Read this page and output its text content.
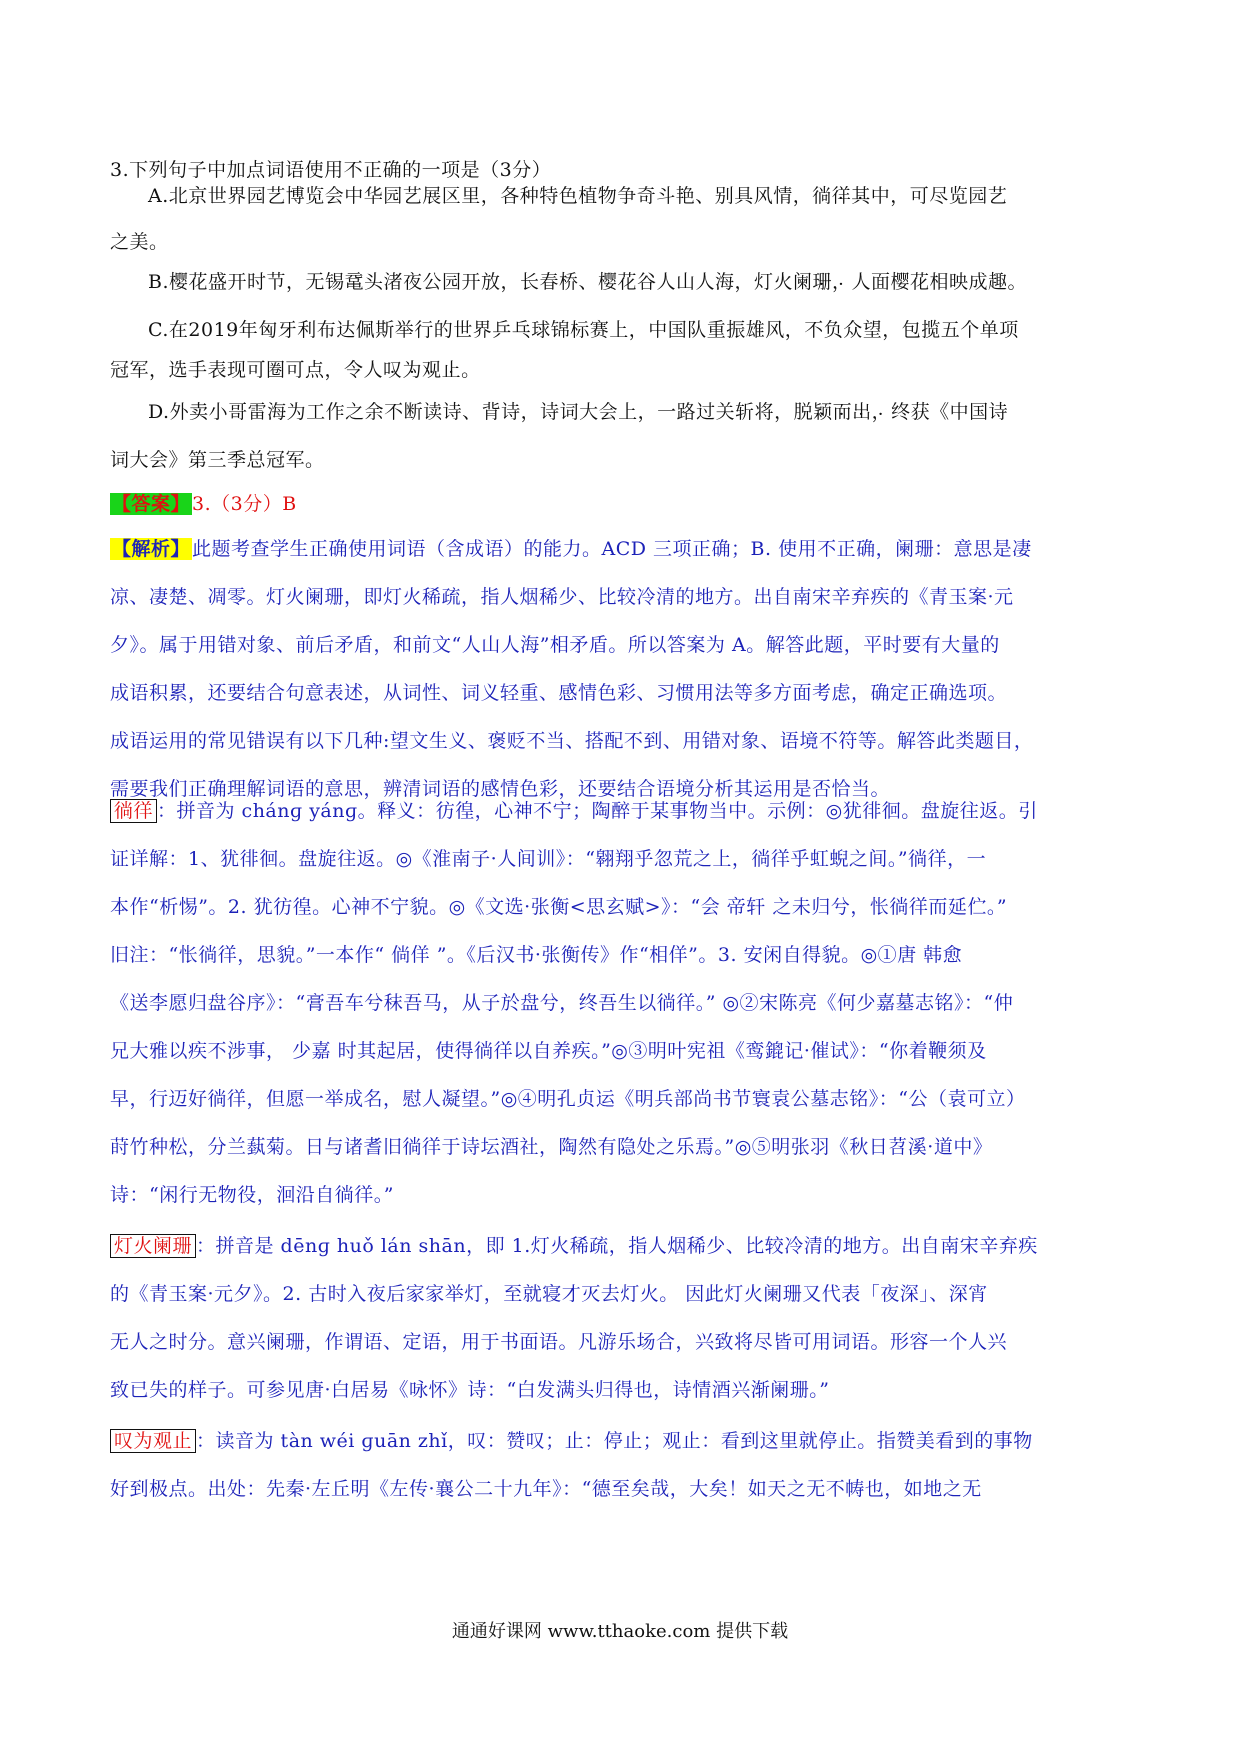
3.下列句子中加点词语使用不正确的一项是（3分）
A.北京世界园艺博览会中华园艺展区里，各种特色植物争奇斗艳、别具风情，徜 ·徉 ·其中，可尽览园艺
之美。
B.樱花盛开时节，无锡鼋头渚夜公园开放，长春桥、樱花谷人山人海，灯火阑 ·珊 ·，人面樱花相映成趣。
C.在2019年匈牙利布达佩斯举行的世界乒乓球锦标赛上，中国队重振雄风，不负众望，包揽五个单项
冠军，选手表现可圈可点，令人叹 ·为 ·观 ·止 ·。
D.外卖小哥雷海为工作之余不断读诗、背诗，诗词大会上，一路过关斩将，脱 ·颖 ·而 ·出 ·，终获《中国诗
词大会》第三季总冠军。
【答案】 3.（3分）B
【解析】 此题考查学生正确使用词语（含成语）的能力。ACD 三项正确；B. 使用不正确，阑珊：意思是凄
凉、凄楚、凋零。灯火阑珊，即灯火稀疏，指人烟稀少、比较冷清的地方。出自南宋辛弃疾的《青玉案·元
夕》。属于用错对象、前后矛盾，和前文“人山人海”相矛盾。所以答案为 A。解答此题，平时要有大量的
成语积累，还要结合句意表述，从词性、词义轻重、感情色彩、习惯用法等多方面考虑，确定正确选项。
成语运用的常见错误有以下几种:望文生义、褒贬不当、搭配不到、用错对象、语境不符等。解答此类题目，
需要我们正确理解词语的意思，辨清词语的感情色彩，还要结合语境分析其运用是否恰当。
徜徉 ：拼音为 chánɡ yánɡ。释义：彷徨，心神不宁；陶醉于某事物当中。示例：◎犹徘徊。盘旋往返。引
证详解：1、犹徘徊。盘旋往返。◎《淮南子·人间训》：“翱翔乎忽荒之上，徜徉乎虹蜺之间。”徜徉，一
本作“析惕”。2. 犹彷徨。心神不宁貌。◎《文选·张衡<思玄赋>》：“会 帝轩 之未归兮，怅徜徉而延伫。”
旧注：“怅徜徉，思貌。”一本作“ 倘佯 ”。《后汉书·张衡传》作“相佯”。3. 安闲自得貌。◎①唐 韩愈
《送李愿归盘谷序》：“膏吾车兮秣吾马，从子於盘兮，终吾生以徜徉。” ◎②宋陈亮《何少嘉墓志铭》：“仲
兄大雅以疾不涉事， 少嘉 时其起居，使得徜徉以自养疾。”◎③明叶宪祖《鸾鎞记·催试》：“你着鞭须及
早，行迈好徜徉，但愿一举成名，慰人凝望。”◎④明孔贞运《明兵部尚书节寰袁公墓志铭》：“公（袁可立）
莳竹种松，分兰蓺菊。日与诸耆旧徜徉于诗坛酒社，陶然有隐处之乐焉。”◎⑤明张羽《秋日苕溪·道中》
诗：“闲行无物役，洄沿自徜徉。”
灯火阑珊 ：拼音是 dēnɡ huǒ lán shān，即 1.灯火稀疏，指人烟稀少、比较冷清的地方。出自南宋辛弃疾
的《青玉案·元夕》。2. 古时入夜后家家举灯，至就寝才灭去灯火。 因此灯火阑珊又代表「夜深」、深宵
无人之时分。意兴阑珊，作谓语、定语，用于书面语。凡游乐场合，兴致将尽皆可用词语。形容一个人兴
致已失的样子。可参见唐·白居易《咏怀》诗：“白发满头归得也，诗情酒兴渐阑珊。”
叹为观止 ：读音为 tàn wéi ɡuān zhǐ，叹：赞叹；止：停止；观止：看到这里就停止。指赞美看到的事物
好到极点。出处：先秦·左丘明《左传·襄公二十九年》：“德至矣哉，大矣！如天之无不帱也，如地之无
通通好课网 www.tthaoke.com 提供下载
